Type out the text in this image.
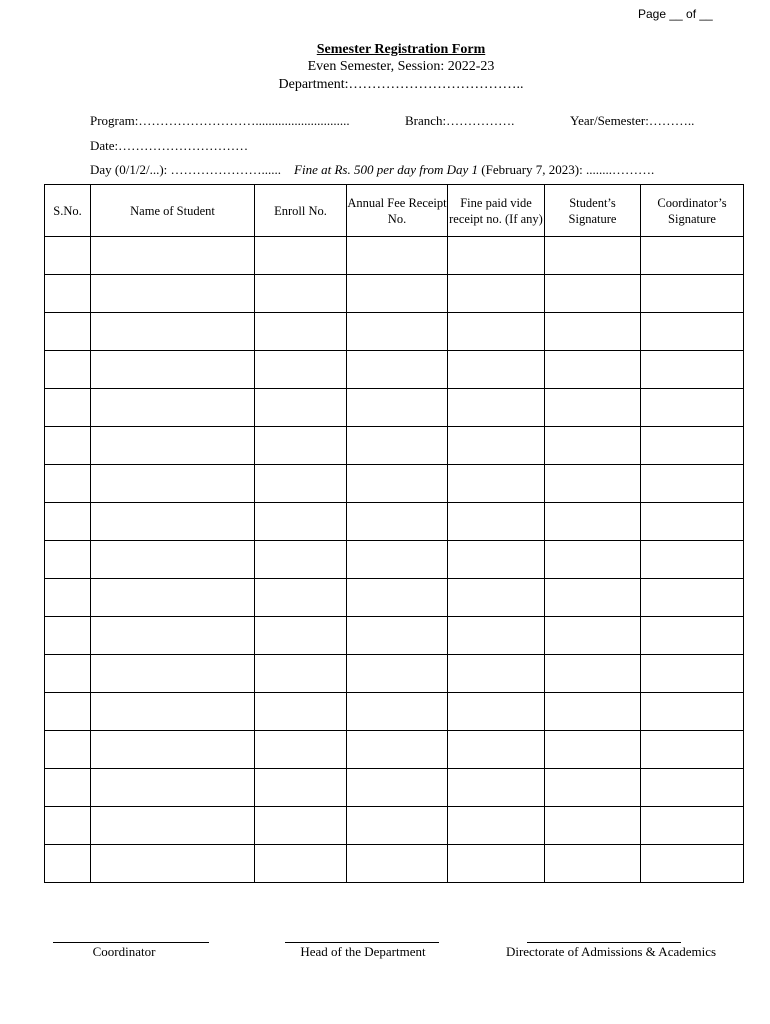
Page __ of __
Semester Registration Form
Even Semester, Session: 2022-23
Department:………………………………..
Program:……………………….............................	Branch:…………….	Year/Semester:………..
Date:…………………………
Day (0/1/2/...): …………………...... Fine at Rs. 500 per day from Day 1 (February 7, 2023): ........……….
S.No.	Name of Student	Enroll No.	Annual Fee Receipt No.	Fine paid vide receipt no. (If any)	Student’s Signature	Coordinator’s Signature

Coordinator	Head of the Department	Directorate of Admissions & Academics
